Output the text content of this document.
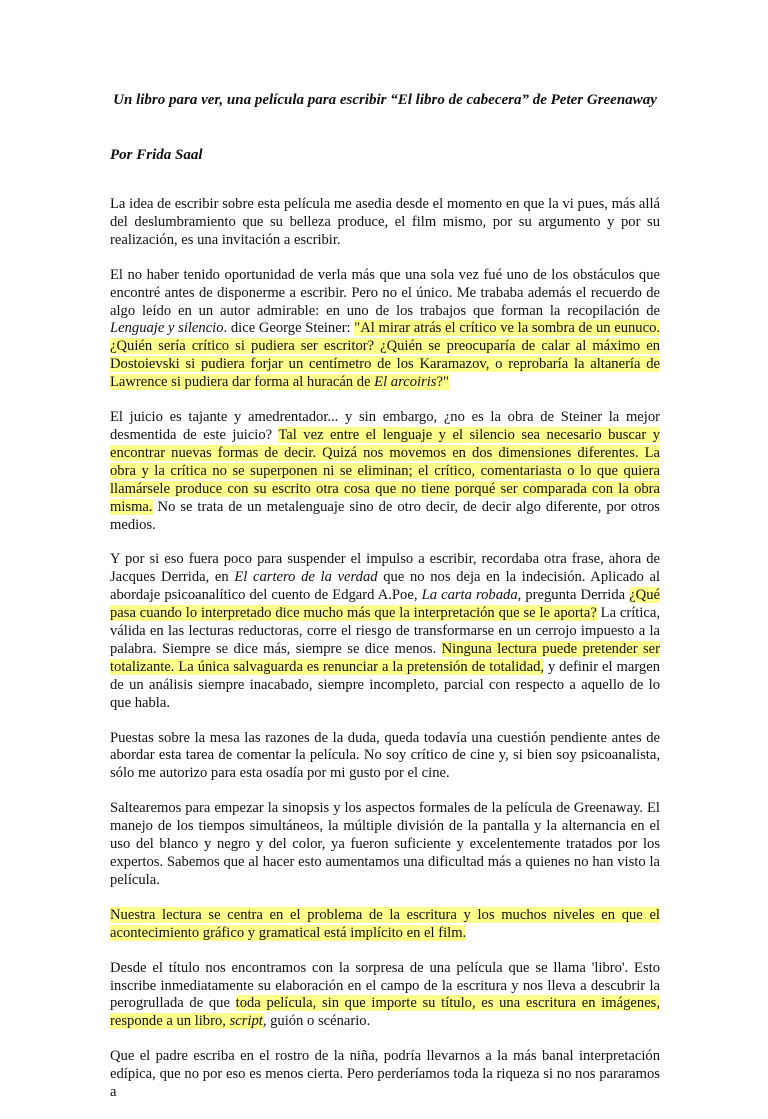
Un libro para ver, una película para escribir “El libro de cabecera” de Peter Greenaway
Por Frida Saal

La idea de escribir sobre esta película me asedia desde el momento en que la vi pues, más allá del deslumbramiento que su belleza produce, el film mismo, por su argumento y por su realización, es una invitación a escribir.

El no haber tenido oportunidad de verla más que una sola vez fué uno de los obstáculos que encontré antes de disponerme a escribir. Pero no el único. Me trababa además el recuerdo de algo leído en un autor admirable: en uno de los trabajos que forman la recopilación de Lenguaje y silencio. dice George Steiner: "Al mirar atrás el crítico ve la sombra de un eunuco. ¿Quién sería crítico si pudiera ser escritor? ¿Quién se preocuparía de calar al máximo en Dostoievski si pudiera forjar un centímetro de los Karamazov, o reprobaría la altanería de Lawrence si pudiera dar forma al huracán de El arcoiris?"

El juicio es tajante y amedrentador... y sin embargo, ¿no es la obra de Steiner la mejor desmentida de este juicio? Tal vez entre el lenguaje y el silencio sea necesario buscar y encontrar nuevas formas de decir. Quizá nos movemos en dos dimensiones diferentes. La obra y la crítica no se superponen ni se eliminan; el crítico, comentariasta o lo que quiera llamársele produce con su escrito otra cosa que no tiene porqué ser comparada con la obra misma. No se trata de un metalenguaje sino de otro decir, de decir algo diferente, por otros medios.

Y por si eso fuera poco para suspender el impulso a escribir, recordaba otra frase, ahora de Jacques Derrida, en El cartero de la verdad que no nos deja en la indecisión. Aplicado al abordaje psicoanalítico del cuento de Edgard A.Poe, La carta robada, pregunta Derrida ¿Qué pasa cuando lo interpretado dice mucho más que la interpretación que se le aporta? La crítica, válida en las lecturas reductoras, corre el riesgo de transformarse en un cerrojo impuesto a la palabra. Siempre se dice más, siempre se dice menos. Ninguna lectura puede pretender ser totalizante. La única salvaguarda es renunciar a la pretensión de totalidad, y definir el margen de un análisis siempre inacabado, siempre incompleto, parcial con respecto a aquello de lo que habla.

Puestas sobre la mesa las razones de la duda, queda todavía una cuestión pendiente antes de abordar esta tarea de comentar la película. No soy crítico de cine y, si bien soy psicoanalista, sólo me autorizo para esta osadía por mi gusto por el cine.

Saltearemos para empezar la sinopsis y los aspectos formales de la película de Greenaway. El manejo de los tiempos simultáneos, la múltiple división de la pantalla y la alternancia en el uso del blanco y negro y del color, ya fueron suficiente y excelentemente tratados por los expertos. Sabemos que al hacer esto aumentamos una dificultad más a quienes no han visto la película.

Nuestra lectura se centra en el problema de la escritura y los muchos niveles en que el acontecimiento gráfico y gramatical está implícito en el film.

Desde el título nos encontramos con la sorpresa de una película que se llama 'libro'. Esto inscribe inmediatamente su elaboración en el campo de la escritura y nos lleva a descubrir la perogrullada de que toda película, sin que importe su título, es una escritura en imágenes, responde a un libro, script, guión o scénario.

Que el padre escriba en el rostro de la niña, podría llevarnos a la más banal interpretación edípica, que no por eso es menos cierta. Pero perderíamos toda la riqueza si no nos pararamos a
